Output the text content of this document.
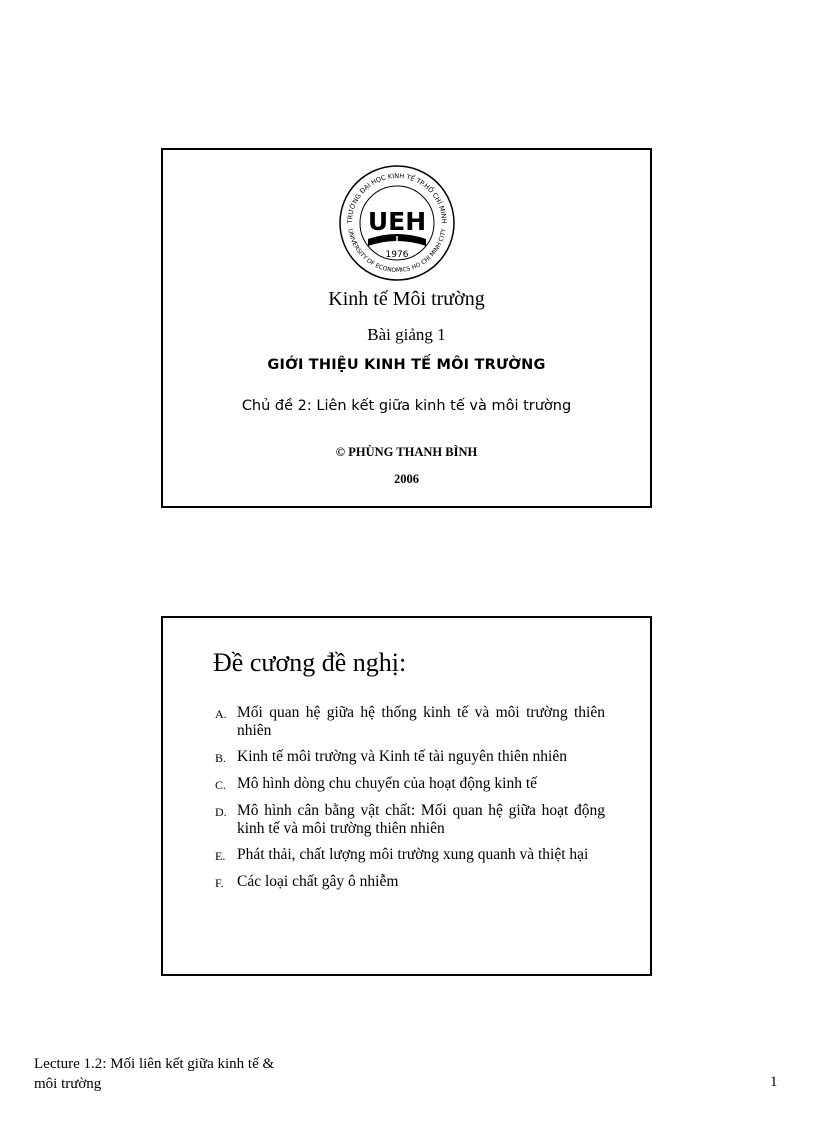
TRƯỜNG ĐẠI HỌC KINH TẾ TP.HỒ CHÍ MINH
UNIVERSITY OF ECONOMICS HO CHI MINH CITY
UEH
1976
Kinh tế Môi trường
Bài giảng 1
GIỚI THIỆU KINH TẾ MÔI TRƯỜNG
Chủ đề 2: Liên kết giữa kinh tế và môi trường
© PHÙNG THANH BÌNH
2006
Đề cương đề nghị:
A. Mối quan hệ giữa hệ thống kinh tế và môi trường thiên nhiên
B. Kinh tế môi trường và Kinh tế tài nguyên thiên nhiên
C. Mô hình dòng chu chuyển của hoạt động kinh tế
D. Mô hình cân bằng vật chất: Mối quan hệ giữa hoạt động kinh tế và môi trường thiên nhiên
E. Phát thải, chất lượng môi trường xung quanh và thiệt hại
F. Các loại chất gây ô nhiễm
Lecture 1.2: Mối liên kết giữa kinh tế &
môi trường	1
